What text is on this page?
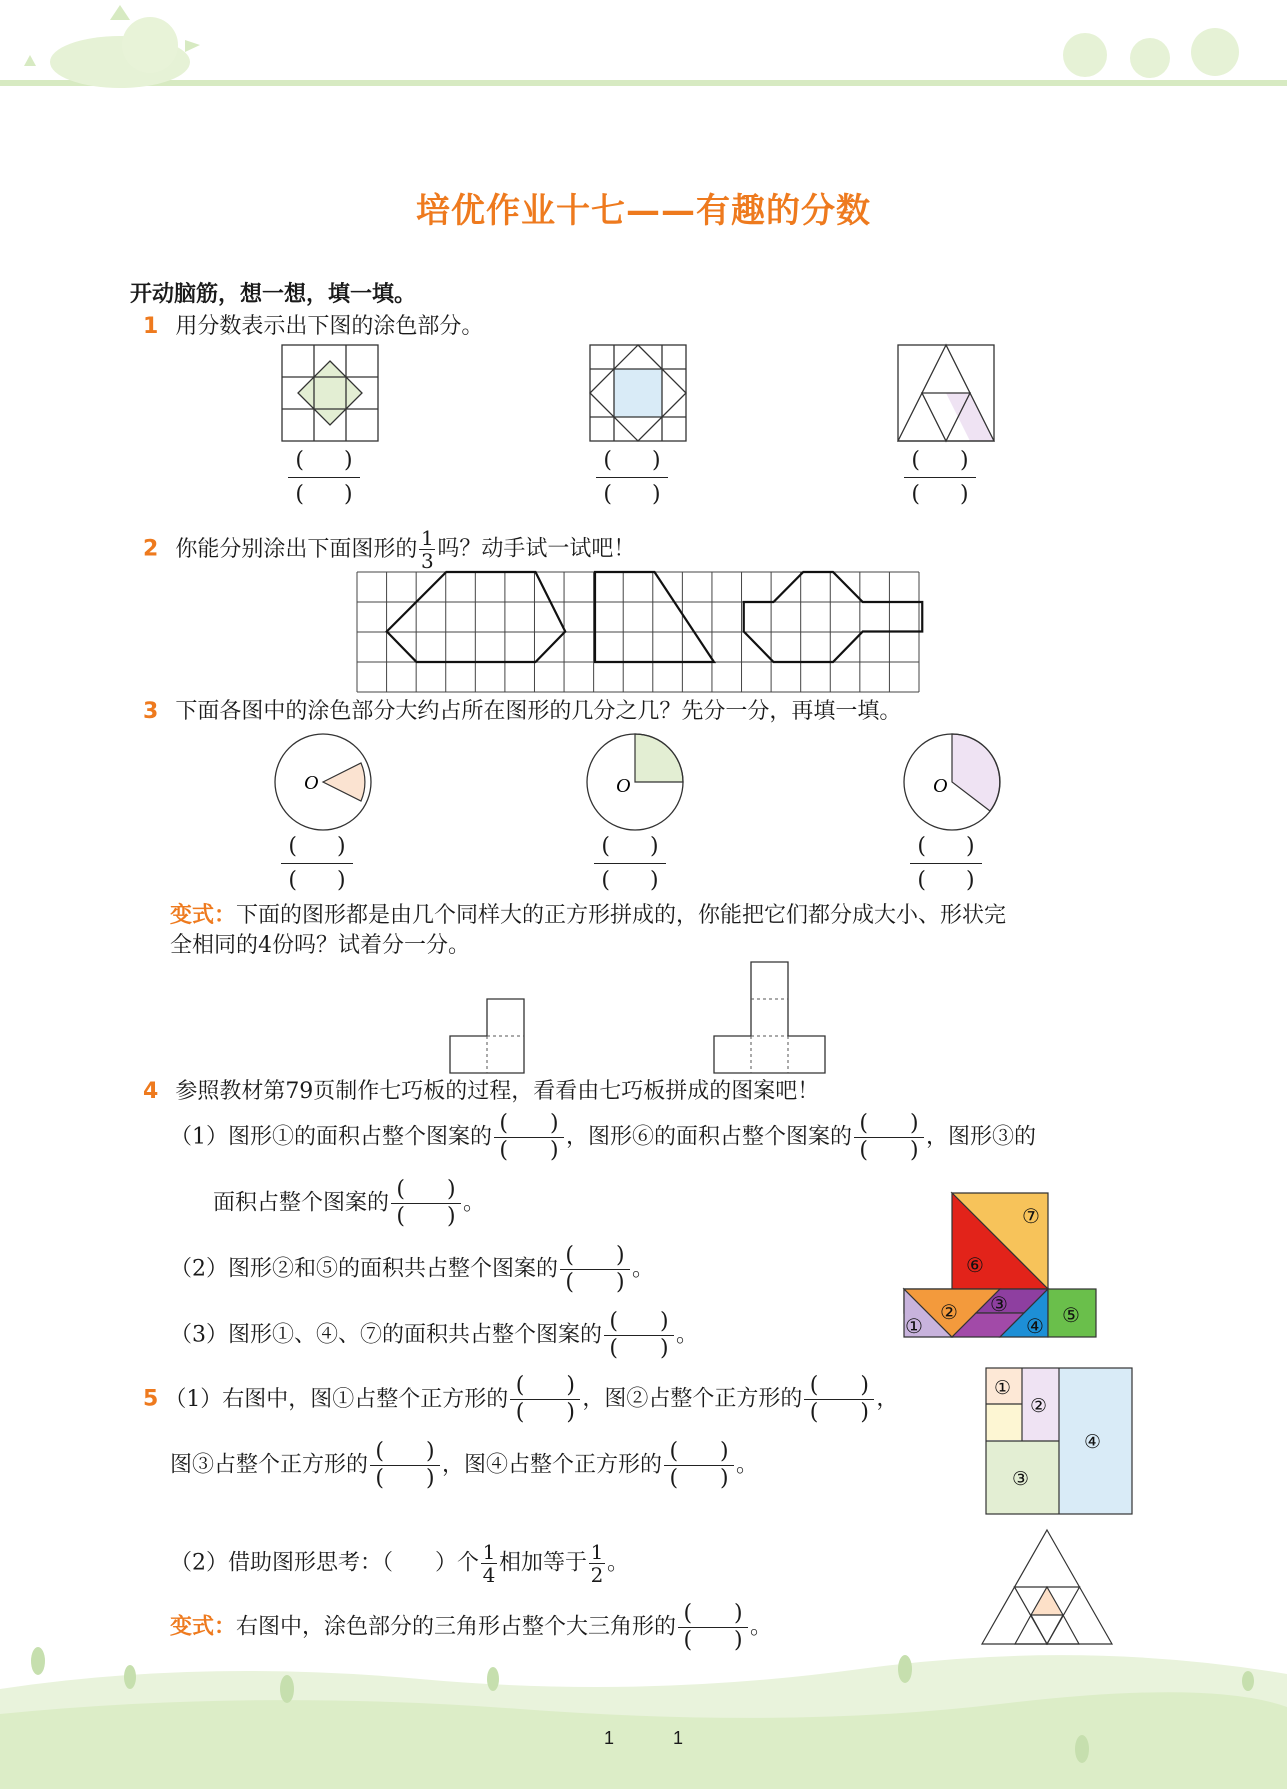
培优作业十七——有趣的分数
开动脑筋，想一想，填一填。
1 用分数表示出下图的涂色部分。
( )
( )
( )
( )
( )
( )
2 你能分别涂出下面图形的 $\frac{1}{3}$ 吗？动手试一试吧！
3 下面各图中的涂色部分大约占所在图形的几分之几？先分一分，再填一填。
O	O	O
( )
( )
( )
( )
( )
( )
变式：下面的图形都是由几个同样大的正方形拼成的，你能把它们都分成大小、形状完
全相同的4份吗？试着分一分。
4 参照教材第79页制作七巧板的过程，看看由七巧板拼成的图案吧！
（1）图形①的面积占整个图案的 $\frac{( )}{( )}$ ，图形⑥的面积占整个图案的 $\frac{( )}{( )}$ ，图形③的
面积占整个图案的 $\frac{( )}{( )}$ 。
（2）图形②和⑤的面积共占整个图案的 $\frac{( )}{( )}$ 。
（3）图形①、④、⑦的面积共占整个图案的 $\frac{( )}{( )}$ 。
⑦
⑥
①
② ③
④ ⑤
5 （1）右图中，图①占整个正方形的 $\frac{( )}{( )}$ ，图②占整个正方形的 $\frac{( )}{( )}$ ，
图③占整个正方形的 $\frac{( )}{( )}$ ，图④占整个正方形的 $\frac{( )}{( )}$ 。
①
②
③
④
（2）借助图形思考：（ ）个 $\frac{1}{4}$ 相加等于 $\frac{1}{2}$ 。
变式：右图中，涂色部分的三角形占整个大三角形的 $\frac{( )}{( )}$ 。
1	1
